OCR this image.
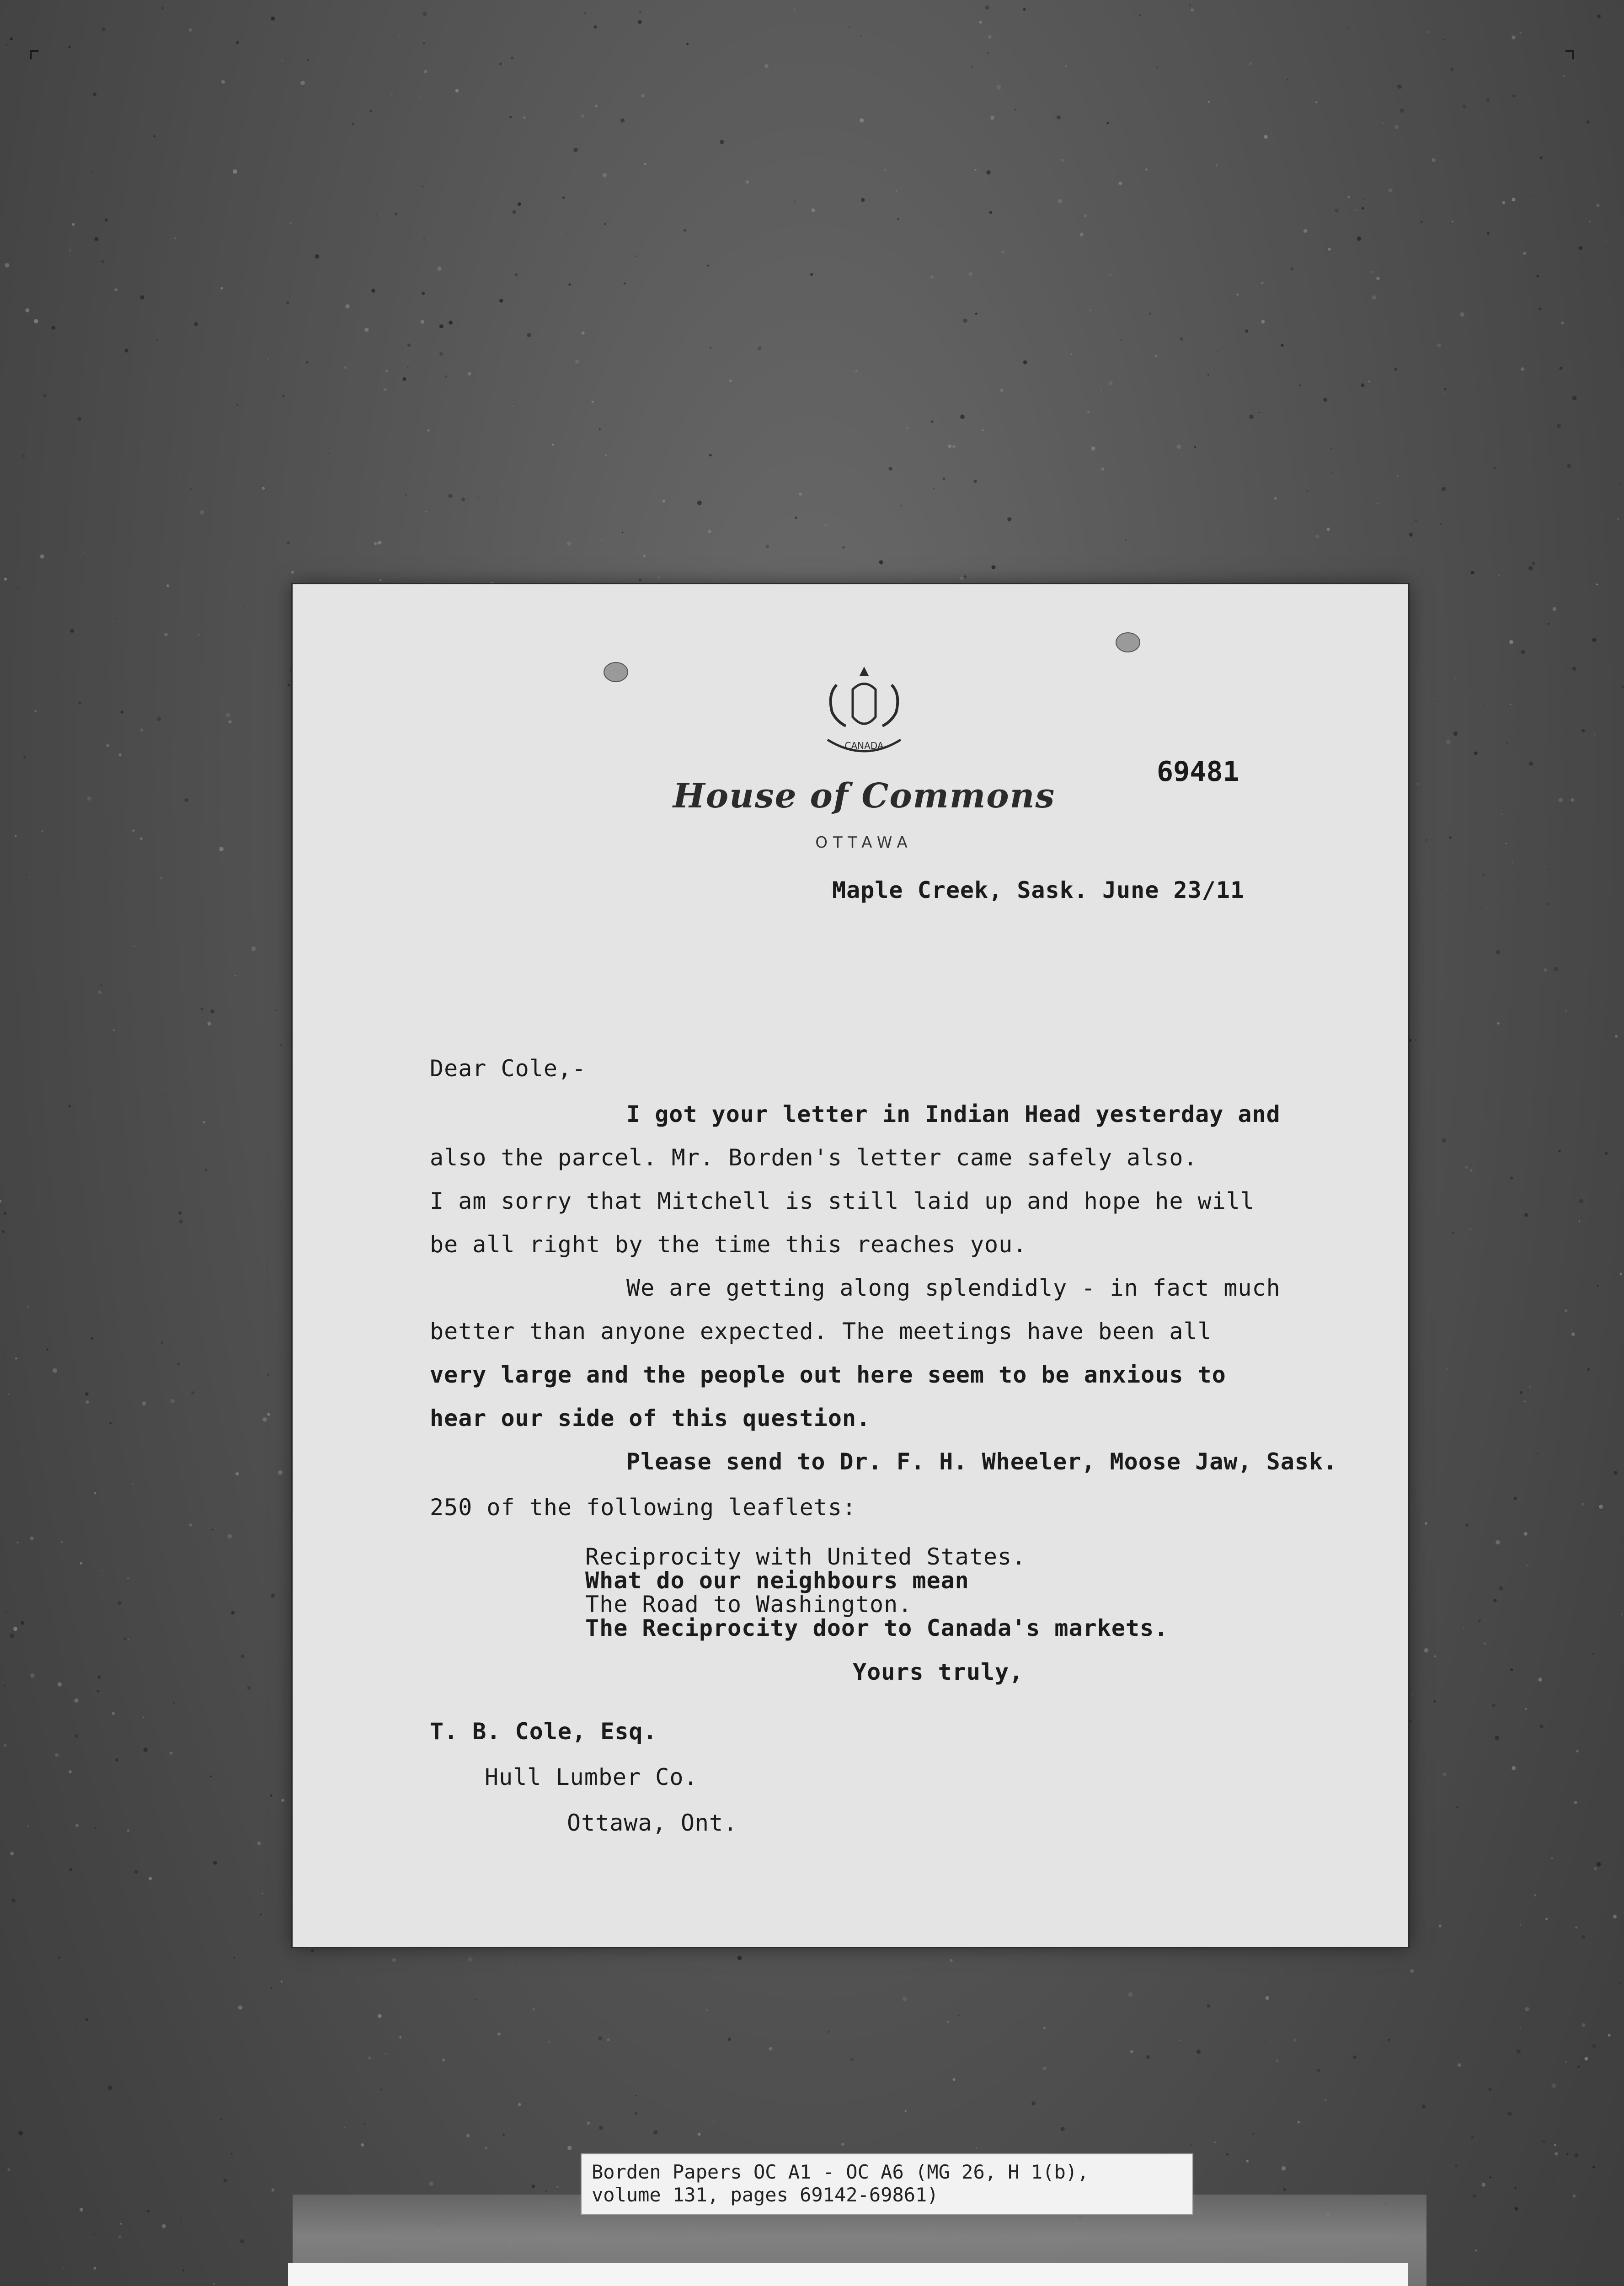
⌜	⌝
CANADA
69481
House of Commons
OTTAWA
Maple Creek, Sask. June 23/11
Dear Cole,-
I got your letter in Indian Head yesterday and
also the parcel. Mr. Borden's letter came safely also.
I am sorry that Mitchell is still laid up and hope he will
be all right by the time this reaches you.
We are getting along splendidly - in fact much
better than anyone expected. The meetings have been all
very large and the people out here seem to be anxious to
hear our side of this question.
Please send to Dr. F. H. Wheeler, Moose Jaw, Sask.
250 of the following leaflets:
Reciprocity with United States.
What do our neighbours mean
The Road to Washington.
The Reciprocity door to Canada's markets.
Yours truly,
T. B. Cole, Esq.
Hull Lumber Co.
Ottawa, Ont.
Borden Papers OC A1 - OC A6 (MG 26, H 1(b),
volume 131, pages 69142-69861)
